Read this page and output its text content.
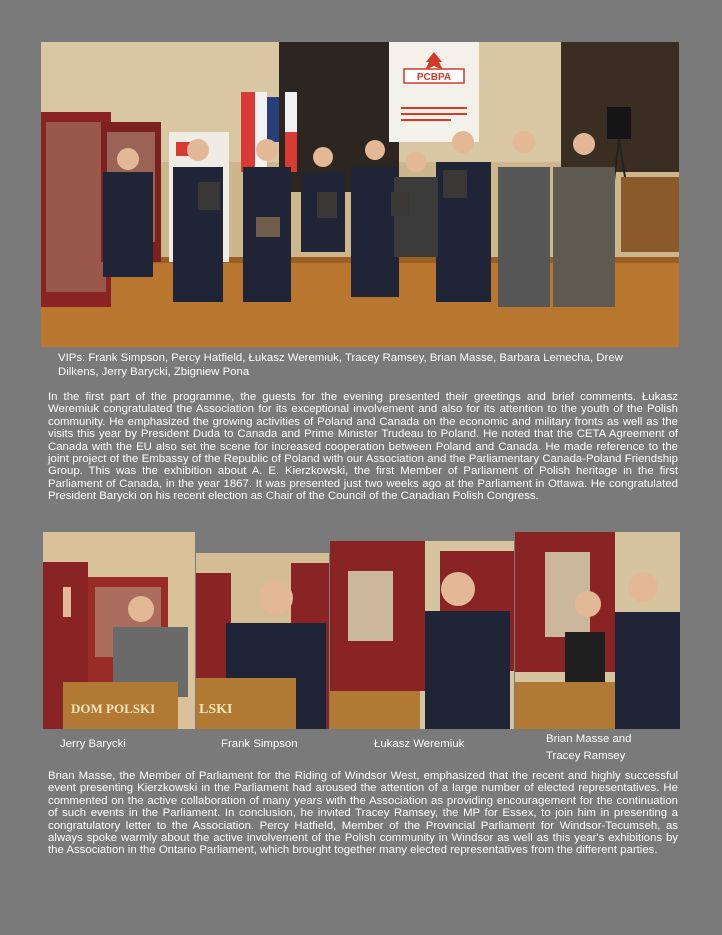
PCBPA
VIPs: Frank Simpson, Percy Hatfield, Łukasz Weremiuk, Tracey Ramsey, Brian Masse, Barbara Lemecha, Drew Dilkens, Jerry Barycki, Zbigniew Pona
In the first part of the programme, the guests for the evening presented their greetings and brief comments. Łukasz Weremiuk congratulated the Association for its exceptional involvement and also for its attention to the youth of the Polish community. He emphasized the growing activities of Poland and Canada on the economic and military fronts as well as the visits this year by President Duda to Canada and Prime Minister Trudeau to Poland. He noted that the CETA Agreement of Canada with the EU also set the scene for increased cooperation between Poland and Canada. He made reference to the joint project of the Embassy of the Republic of Poland with our Association and the Parliamentary Canada-Poland Friendship Group. This was the exhibition about A. E. Kierzkowski, the first Member of Parliament of Polish heritage in the first Parliament of Canada, in the year 1867. It was presented just two weeks ago at the Parliament in Ottawa. He congratulated President Barycki on his recent election as Chair of the Council of the Canadian Polish Congress.
DOM POLSKI	LSKI
Jerry Barycki	Frank Simpson	Łukasz Weremiuk	Brian Masse and Tracey Ramsey
Brian Masse, the Member of Parliament for the Riding of Windsor West, emphasized that the recent and highly successful event presenting Kierzkowski in the Parliament had aroused the attention of a large number of elected representatives. He commented on the active collaboration of many years with the Association as providing encouragement for the continuation of such events in the Parliament. In conclusion, he invited Tracey Ramsey, the MP for Essex, to join him in presenting a congratulatory letter to the Association. Percy Hatfield, Member of the Provincial Parliament for Windsor-Tecumseh, as always spoke warmly about the active involvement of the Polish community in Windsor as well as this year's exhibitions by the Association in the Ontario Parliament, which brought together many elected representatives from the different parties.
